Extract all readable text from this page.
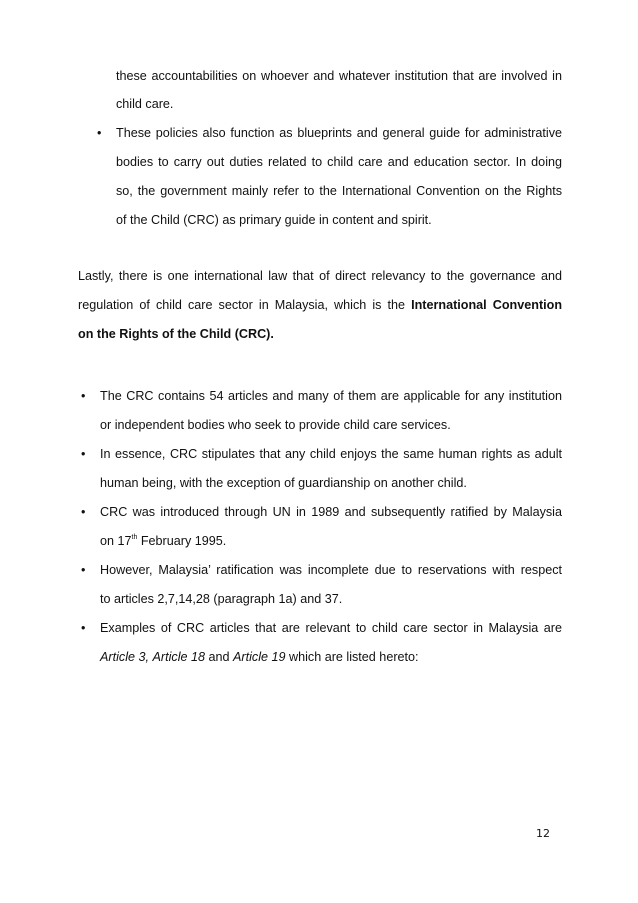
these accountabilities on whoever and whatever institution that are involved in
child care.
• These policies also function as blueprints and general guide for administrative
bodies to carry out duties related to child care and education sector. In doing
so, the government mainly refer to the International Convention on the Rights
of the Child (CRC) as primary guide in content and spirit.
Lastly, there is one international law that of direct relevancy to the governance and
regulation of child care sector in Malaysia, which is the International Convention
on the Rights of the Child (CRC).
• The CRC contains 54 articles and many of them are applicable for any institution
or independent bodies who seek to provide child care services.
• In essence, CRC stipulates that any child enjoys the same human rights as adult
human being, with the exception of guardianship on another child.
• CRC was introduced through UN in 1989 and subsequently ratified by Malaysia
on 17th February 1995.
• However, Malaysia’ ratification was incomplete due to reservations with respect
to articles 2,7,14,28 (paragraph 1a) and 37.
• Examples of CRC articles that are relevant to child care sector in Malaysia are
Article 3, Article 18 and Article 19 which are listed hereto:
12
